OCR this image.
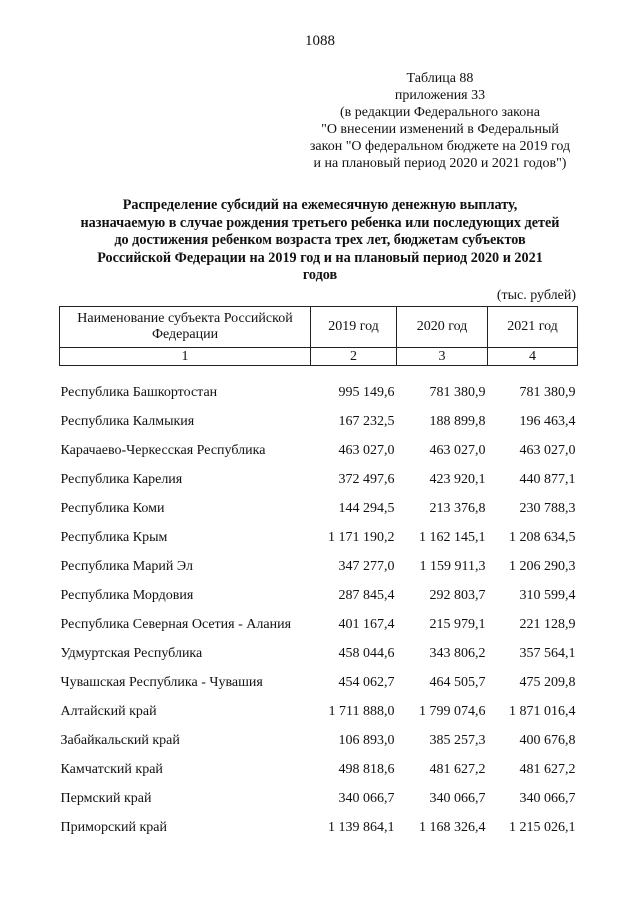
1088
Таблица 88
приложения 33
(в редакции Федерального закона
"О внесении изменений в Федеральный
закон "О федеральном бюджете на 2019 год
и на плановый период 2020 и 2021 годов")
Распределение субсидий на ежемесячную денежную выплату,
назначаемую в случае рождения третьего ребенка или последующих детей
до достижения ребенком возраста трех лет, бюджетам субъектов
Российской Федерации на 2019 год и на плановый период 2020 и 2021
годов
(тыс. рублей)
Наименование субъекта Российской Федерации	2019 год	2020 год	2021 год
1	2	3	4
Республика Башкортостан	995 149,6	781 380,9	781 380,9
Республика Калмыкия	167 232,5	188 899,8	196 463,4
Карачаево-Черкесская Республика	463 027,0	463 027,0	463 027,0
Республика Карелия	372 497,6	423 920,1	440 877,1
Республика Коми	144 294,5	213 376,8	230 788,3
Республика Крым	1 171 190,2	1 162 145,1	1 208 634,5
Республика Марий Эл	347 277,0	1 159 911,3	1 206 290,3
Республика Мордовия	287 845,4	292 803,7	310 599,4
Республика Северная Осетия - Алания	401 167,4	215 979,1	221 128,9
Удмуртская Республика	458 044,6	343 806,2	357 564,1
Чувашская Республика - Чувашия	454 062,7	464 505,7	475 209,8
Алтайский край	1 711 888,0	1 799 074,6	1 871 016,4
Забайкальский край	106 893,0	385 257,3	400 676,8
Камчатский край	498 818,6	481 627,2	481 627,2
Пермский край	340 066,7	340 066,7	340 066,7
Приморский край	1 139 864,1	1 168 326,4	1 215 026,1
